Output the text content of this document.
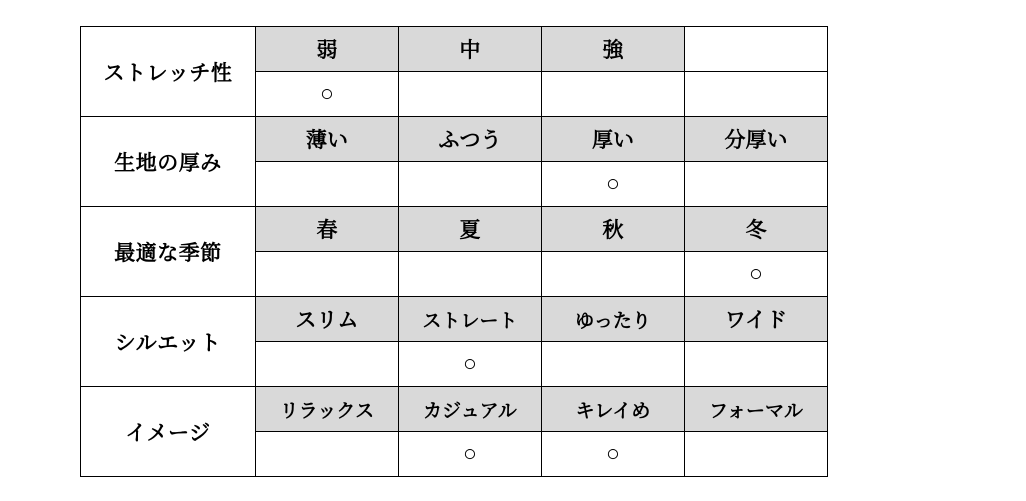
ストレッチ性	弱	中	強	
	○			
生地の厚み	薄い	ふつう	厚い	分厚い
			○	
最適な季節	春	夏	秋	冬
				○
シルエット	スリム	ストレート	ゆったり	ワイド
		○		
イメージ	リラックス	カジュアル	キレイめ	フォーマル
		○	○	
